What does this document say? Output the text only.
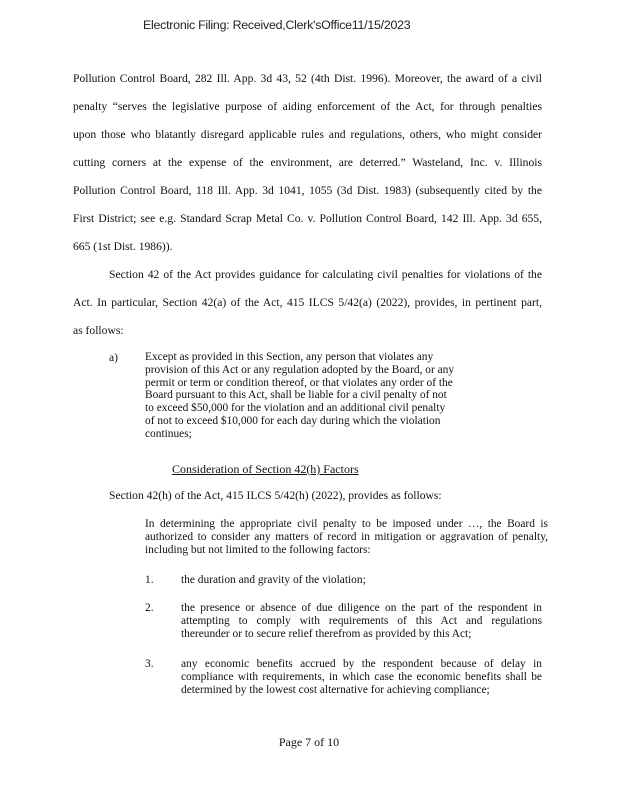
Electronic Filing: Received,Clerk'sOffice11/15/2023
Pollution Control Board, 282 Ill. App. 3d 43, 52 (4th Dist. 1996). Moreover, the award of a civil
penalty “serves the legislative purpose of aiding enforcement of the Act, for through penalties
upon those who blatantly disregard applicable rules and regulations, others, who might consider
cutting corners at the expense of the environment, are deterred.” Wasteland, Inc. v. Illinois
Pollution Control Board, 118 Ill. App. 3d 1041, 1055 (3d Dist. 1983) (subsequently cited by the
First District; see e.g. Standard Scrap Metal Co. v. Pollution Control Board, 142 Ill. App. 3d 655,
665 (1st Dist. 1986)).
Section 42 of the Act provides guidance for calculating civil penalties for violations of the
Act. In particular, Section 42(a) of the Act, 415 ILCS 5/42(a) (2022), provides, in pertinent part,
as follows:
a) Except as provided in this Section, any person that violates any
provision of this Act or any regulation adopted by the Board, or any
permit or term or condition thereof, or that violates any order of the
Board pursuant to this Act, shall be liable for a civil penalty of not
to exceed $50,000 for the violation and an additional civil penalty
of not to exceed $10,000 for each day during which the violation
continues;
Consideration of Section 42(h) Factors
Section 42(h) of the Act, 415 ILCS 5/42(h) (2022), provides as follows:
In determining the appropriate civil penalty to be imposed under …, the Board is
authorized to consider any matters of record in mitigation or aggravation of penalty,
including but not limited to the following factors:
1. the duration and gravity of the violation;
2. the presence or absence of due diligence on the part of the respondent in
attempting to comply with requirements of this Act and regulations
thereunder or to secure relief therefrom as provided by this Act;
3. any economic benefits accrued by the respondent because of delay in
compliance with requirements, in which case the economic benefits shall be
determined by the lowest cost alternative for achieving compliance;
Page 7 of 10
